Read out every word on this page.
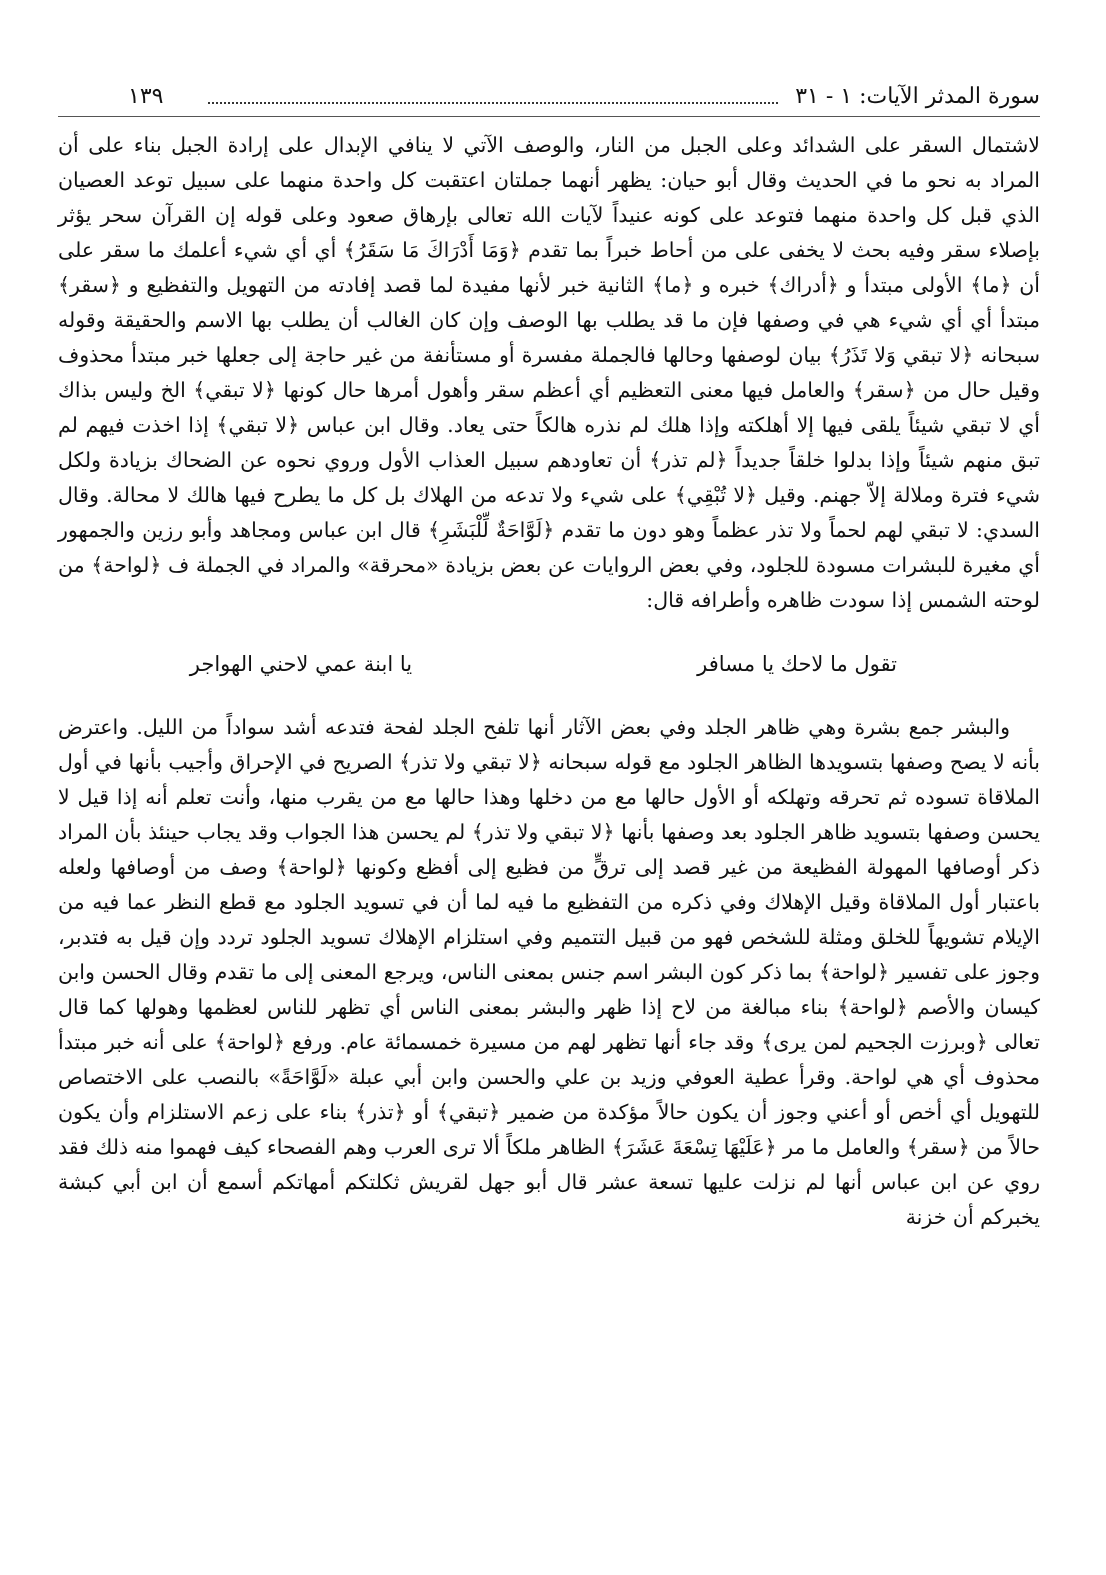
سورة المدثر الآيات: ١ - ٣١
١٣٩

لاشتمال السقر على الشدائد وعلى الجبل من النار، والوصف الآتي لا ينافي الإبدال على إرادة الجبل بناء على أن المراد به نحو ما في الحديث وقال أبو حيان: يظهر أنهما جملتان اعتقبت كل واحدة منهما على سبيل توعد العصيان الذي قبل كل واحدة منهما فتوعد على كونه عنيداً لآيات الله تعالى بإرهاق صعود وعلى قوله إن القرآن سحر يؤثر بإصلاء سقر وفيه بحث لا يخفى على من أحاط خبراً بما تقدم ﴿وَمَا أَدْرَاكَ مَا سَقَرُ﴾ أي أي شيء أعلمك ما سقر على أن ﴿ما﴾ الأولى مبتدأ و ﴿أدراك﴾ خبره و ﴿ما﴾ الثانية خبر لأنها مفيدة لما قصد إفادته من التهويل والتفظيع و ﴿سقر﴾ مبتدأ أي أي شيء هي في وصفها فإن ما قد يطلب بها الوصف وإن كان الغالب أن يطلب بها الاسم والحقيقة وقوله سبحانه ﴿لا تبقي وَلا تَذَرُ﴾ بيان لوصفها وحالها فالجملة مفسرة أو مستأنفة من غير حاجة إلى جعلها خبر مبتدأ محذوف وقيل حال من ﴿سقر﴾ والعامل فيها معنى التعظيم أي أعظم سقر وأهول أمرها حال كونها ﴿لا تبقي﴾ الخ وليس بذاك أي لا تبقي شيئاً يلقى فيها إلا أهلكته وإذا هلك لم نذره هالكاً حتى يعاد. وقال ابن عباس ﴿لا تبقي﴾ إذا اخذت فيهم لم تبق منهم شيئاً وإذا بدلوا خلقاً جديداً ﴿لم تذر﴾ أن تعاودهم سبيل العذاب الأول وروي نحوه عن الضحاك بزيادة ولكل شيء فترة وملالة إلاّ جهنم. وقيل ﴿لا تُبْقِي﴾ على شيء ولا تدعه من الهلاك بل كل ما يطرح فيها هالك لا محالة. وقال السدي: لا تبقي لهم لحماً ولا تذر عظماً وهو دون ما تقدم ﴿لَوَّاحَةٌ لِّلْبَشَرِ﴾ قال ابن عباس ومجاهد وأبو رزين والجمهور أي مغيرة للبشرات مسودة للجلود، وفي بعض الروايات عن بعض بزيادة «محرقة» والمراد في الجملة ف ﴿لواحة﴾ من لوحته الشمس إذا سودت ظاهره وأطرافه قال:

تقول ما لاحك يا مسافر
يا ابنة عمي لاحني الهواجر

والبشر جمع بشرة وهي ظاهر الجلد وفي بعض الآثار أنها تلفح الجلد لفحة فتدعه أشد سواداً من الليل. واعترض بأنه لا يصح وصفها بتسويدها الظاهر الجلود مع قوله سبحانه ﴿لا تبقي ولا تذر﴾ الصريح في الإحراق وأجيب بأنها في أول الملاقاة تسوده ثم تحرقه وتهلكه أو الأول حالها مع من دخلها وهذا حالها مع من يقرب منها، وأنت تعلم أنه إذا قيل لا يحسن وصفها بتسويد ظاهر الجلود بعد وصفها بأنها ﴿لا تبقي ولا تذر﴾ لم يحسن هذا الجواب وقد يجاب حينئذ بأن المراد ذكر أوصافها المهولة الفظيعة من غير قصد إلى ترقٍّ من فظيع إلى أفظع وكونها ﴿لواحة﴾ وصف من أوصافها ولعله باعتبار أول الملاقاة وقيل الإهلاك وفي ذكره من التفظيع ما فيه لما أن في تسويد الجلود مع قطع النظر عما فيه من الإيلام تشويهاً للخلق ومثلة للشخص فهو من قبيل التتميم وفي استلزام الإهلاك تسويد الجلود تردد وإن قيل به فتدبر، وجوز على تفسير ﴿لواحة﴾ بما ذكر كون البشر اسم جنس بمعنى الناس، ويرجع المعنى إلى ما تقدم وقال الحسن وابن كيسان والأصم ﴿لواحة﴾ بناء مبالغة من لاح إذا ظهر والبشر بمعنى الناس أي تظهر للناس لعظمها وهولها كما قال تعالى ﴿وبرزت الجحيم لمن يرى﴾ وقد جاء أنها تظهر لهم من مسيرة خمسمائة عام. ورفع ﴿لواحة﴾ على أنه خبر مبتدأ محذوف أي هي لواحة. وقرأ عطية العوفي وزيد بن علي والحسن وابن أبي عبلة «لَوَّاحَةً» بالنصب على الاختصاص للتهويل أي أخص أو أعني وجوز أن يكون حالاً مؤكدة من ضمير ﴿تبقي﴾ أو ﴿تذر﴾ بناء على زعم الاستلزام وأن يكون حالاً من ﴿سقر﴾ والعامل ما مر ﴿عَلَيْهَا تِسْعَةَ عَشَرَ﴾ الظاهر ملكاً ألا ترى العرب وهم الفصحاء كيف فهموا منه ذلك فقد روي عن ابن عباس أنها لم نزلت عليها تسعة عشر قال أبو جهل لقريش ثكلتكم أمهاتكم أسمع أن ابن أبي كبشة يخبركم أن خزنة
